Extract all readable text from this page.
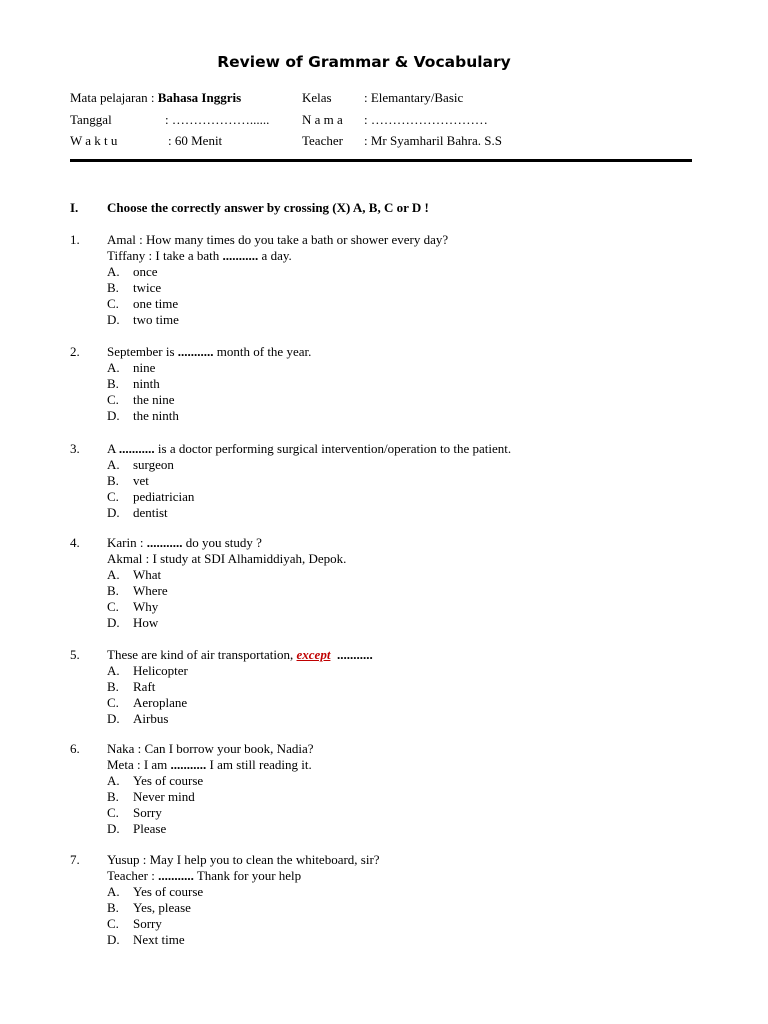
Review of Grammar & Vocabulary
Mata pelajaran : Bahasa Inggris	Kelas : Elemantary/Basic
Tanggal	: ………………......	N a m a : ………………………
W a k t u	: 60 Menit	Teacher : Mr Syamharil Bahra. S.S
I. Choose the correctly answer by crossing (X) A, B, C or D !
1. Amal : How many times do you take a bath or shower every day?
Tiffany : I take a bath ........... a day.
A. once
B. twice
C. one time
D. two time
2. September is ........... month of the year.
A. nine
B. ninth
C. the nine
D. the ninth
3. A ........... is a doctor performing surgical intervention/operation to the patient.
A. surgeon
B. vet
C. pediatrician
D. dentist
4. Karin : ........... do you study ?
Akmal : I study at SDI Alhamiddiyah, Depok.
A. What
B. Where
C. Why
D. How
5. These are kind of air transportation, except ...........
A. Helicopter
B. Raft
C. Aeroplane
D. Airbus
6. Naka : Can I borrow your book, Nadia?
Meta : I am ........... I am still reading it.
A. Yes of course
B. Never mind
C. Sorry
D. Please
7. Yusup : May I help you to clean the whiteboard, sir?
Teacher : ........... Thank for your help
A. Yes of course
B. Yes, please
C. Sorry
D. Next time
